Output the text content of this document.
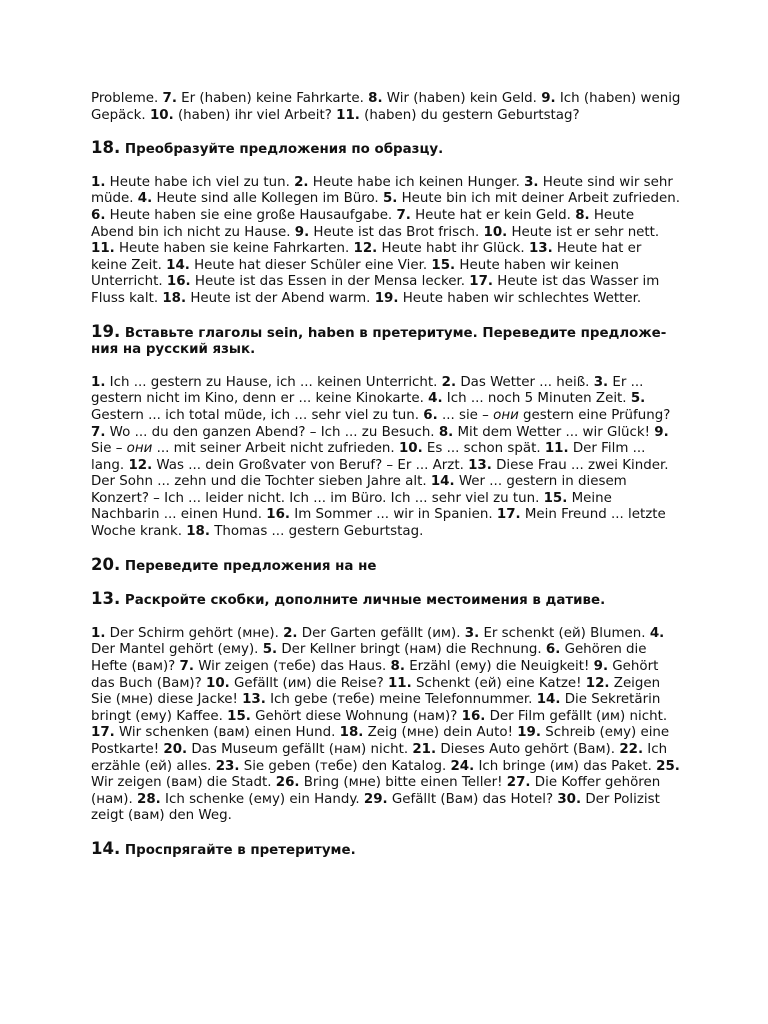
Probleme. 7. Er (haben) keine Fahrkarte. 8. Wir (haben) kein Geld. 9. Ich (haben) wenig Gepäck. 10. (haben) ihr viel Arbeit? 11. (haben) du gestern Geburtstag?

18. Преобразуйте предложения по образцу.

1. Heute habe ich viel zu tun. 2. Heute habe ich keinen Hunger. 3. Heute sind wir sehr müde. 4. Heute sind alle Kollegen im Büro. 5. Heute bin ich mit deiner Arbeit zufrieden. 6. Heute haben sie eine große Hausaufgabe. 7. Heute hat er kein Geld. 8. Heute Abend bin ich nicht zu Hause. 9. Heute ist das Brot frisch. 10. Heute ist er sehr nett. 11. Heute haben sie keine Fahrkarten. 12. Heute habt ihr Glück. 13. Heute hat er keine Zeit. 14. Heute hat dieser Schüler eine Vier. 15. Heute haben wir keinen Unterricht. 16. Heute ist das Essen in der Mensa lecker. 17. Heute ist das Wasser im Fluss kalt. 18. Heute ist der Abend warm. 19. Heute haben wir schlechtes Wetter.

19. Вставьте глаголы sein, haben в претеритуме. Переведите предложе- ния на русский язык.

1. Ich ... gestern zu Hause, ich ... keinen Unterricht. 2. Das Wetter ... heiß. 3. Er ... gestern nicht im Kino, denn er ... keine Kinokarte. 4. Ich ... noch 5 Minuten Zeit. 5. Gestern ... ich total müde, ich ... sehr viel zu tun. 6. ... sie – они gestern eine Prüfung? 7. Wo ... du den ganzen Abend? – Ich ... zu Besuch. 8. Mit dem Wetter ... wir Glück! 9. Sie – они ... mit seiner Arbeit nicht zufrieden. 10. Es ... schon spät. 11. Der Film ... lang. 12. Was ... dein Großvater von Beruf? – Er ... Arzt. 13. Diese Frau ... zwei Kinder. Der Sohn ... zehn und die Tochter sieben Jahre alt. 14. Wer ... gestern in diesem Konzert? – Ich ... leider nicht. Ich ... im Büro. Ich ... sehr viel zu tun. 15. Meine Nachbarin ... einen Hund. 16. Im Sommer ... wir in Spanien. 17. Mein Freund ... letzte Woche krank. 18. Thomas ... gestern Geburtstag.

20. Переведите предложения на не
13. Раскройте скобки, дополните личные местоимения в дативе.

1. Der Schirm gehört (мне). 2. Der Garten gefällt (им). 3. Er schenkt (ей) Blumen. 4. Der Mantel gehört (ему). 5. Der Kellner bringt (нам) die Rechnung. 6. Gehören die Hefte (вам)? 7. Wir zeigen (тебе) das Haus. 8. Erzähl (ему) die Neuigkeit! 9. Gehört das Buch (Вам)? 10. Gefällt (им) die Reise? 11. Schenkt (ей) eine Katze! 12. Zeigen Sie (мне) diese Jacke! 13. Ich gebe (тебе) meine Telefonnummer. 14. Die Sekretärin bringt (ему) Kaffee. 15. Gehört diese Wohnung (нам)? 16. Der Film gefällt (им) nicht. 17. Wir schenken (вам) einen Hund. 18. Zeig (мне) dein Auto! 19. Schreib (ему) eine Postkarte! 20. Das Museum gefällt (нам) nicht. 21. Dieses Auto gehört (Вам). 22. Ich erzähle (ей) alles. 23. Sie geben (тебе) den Katalog. 24. Ich bringe (им) das Paket. 25. Wir zeigen (вам) die Stadt. 26. Bring (мне) bitte einen Teller! 27. Die Koffer gehören (нам). 28. Ich schenke (ему) ein Handy. 29. Gefällt (Вам) das Hotel? 30. Der Polizist zeigt (вам) den Weg.

14. Проспрягайте в претеритуме.
